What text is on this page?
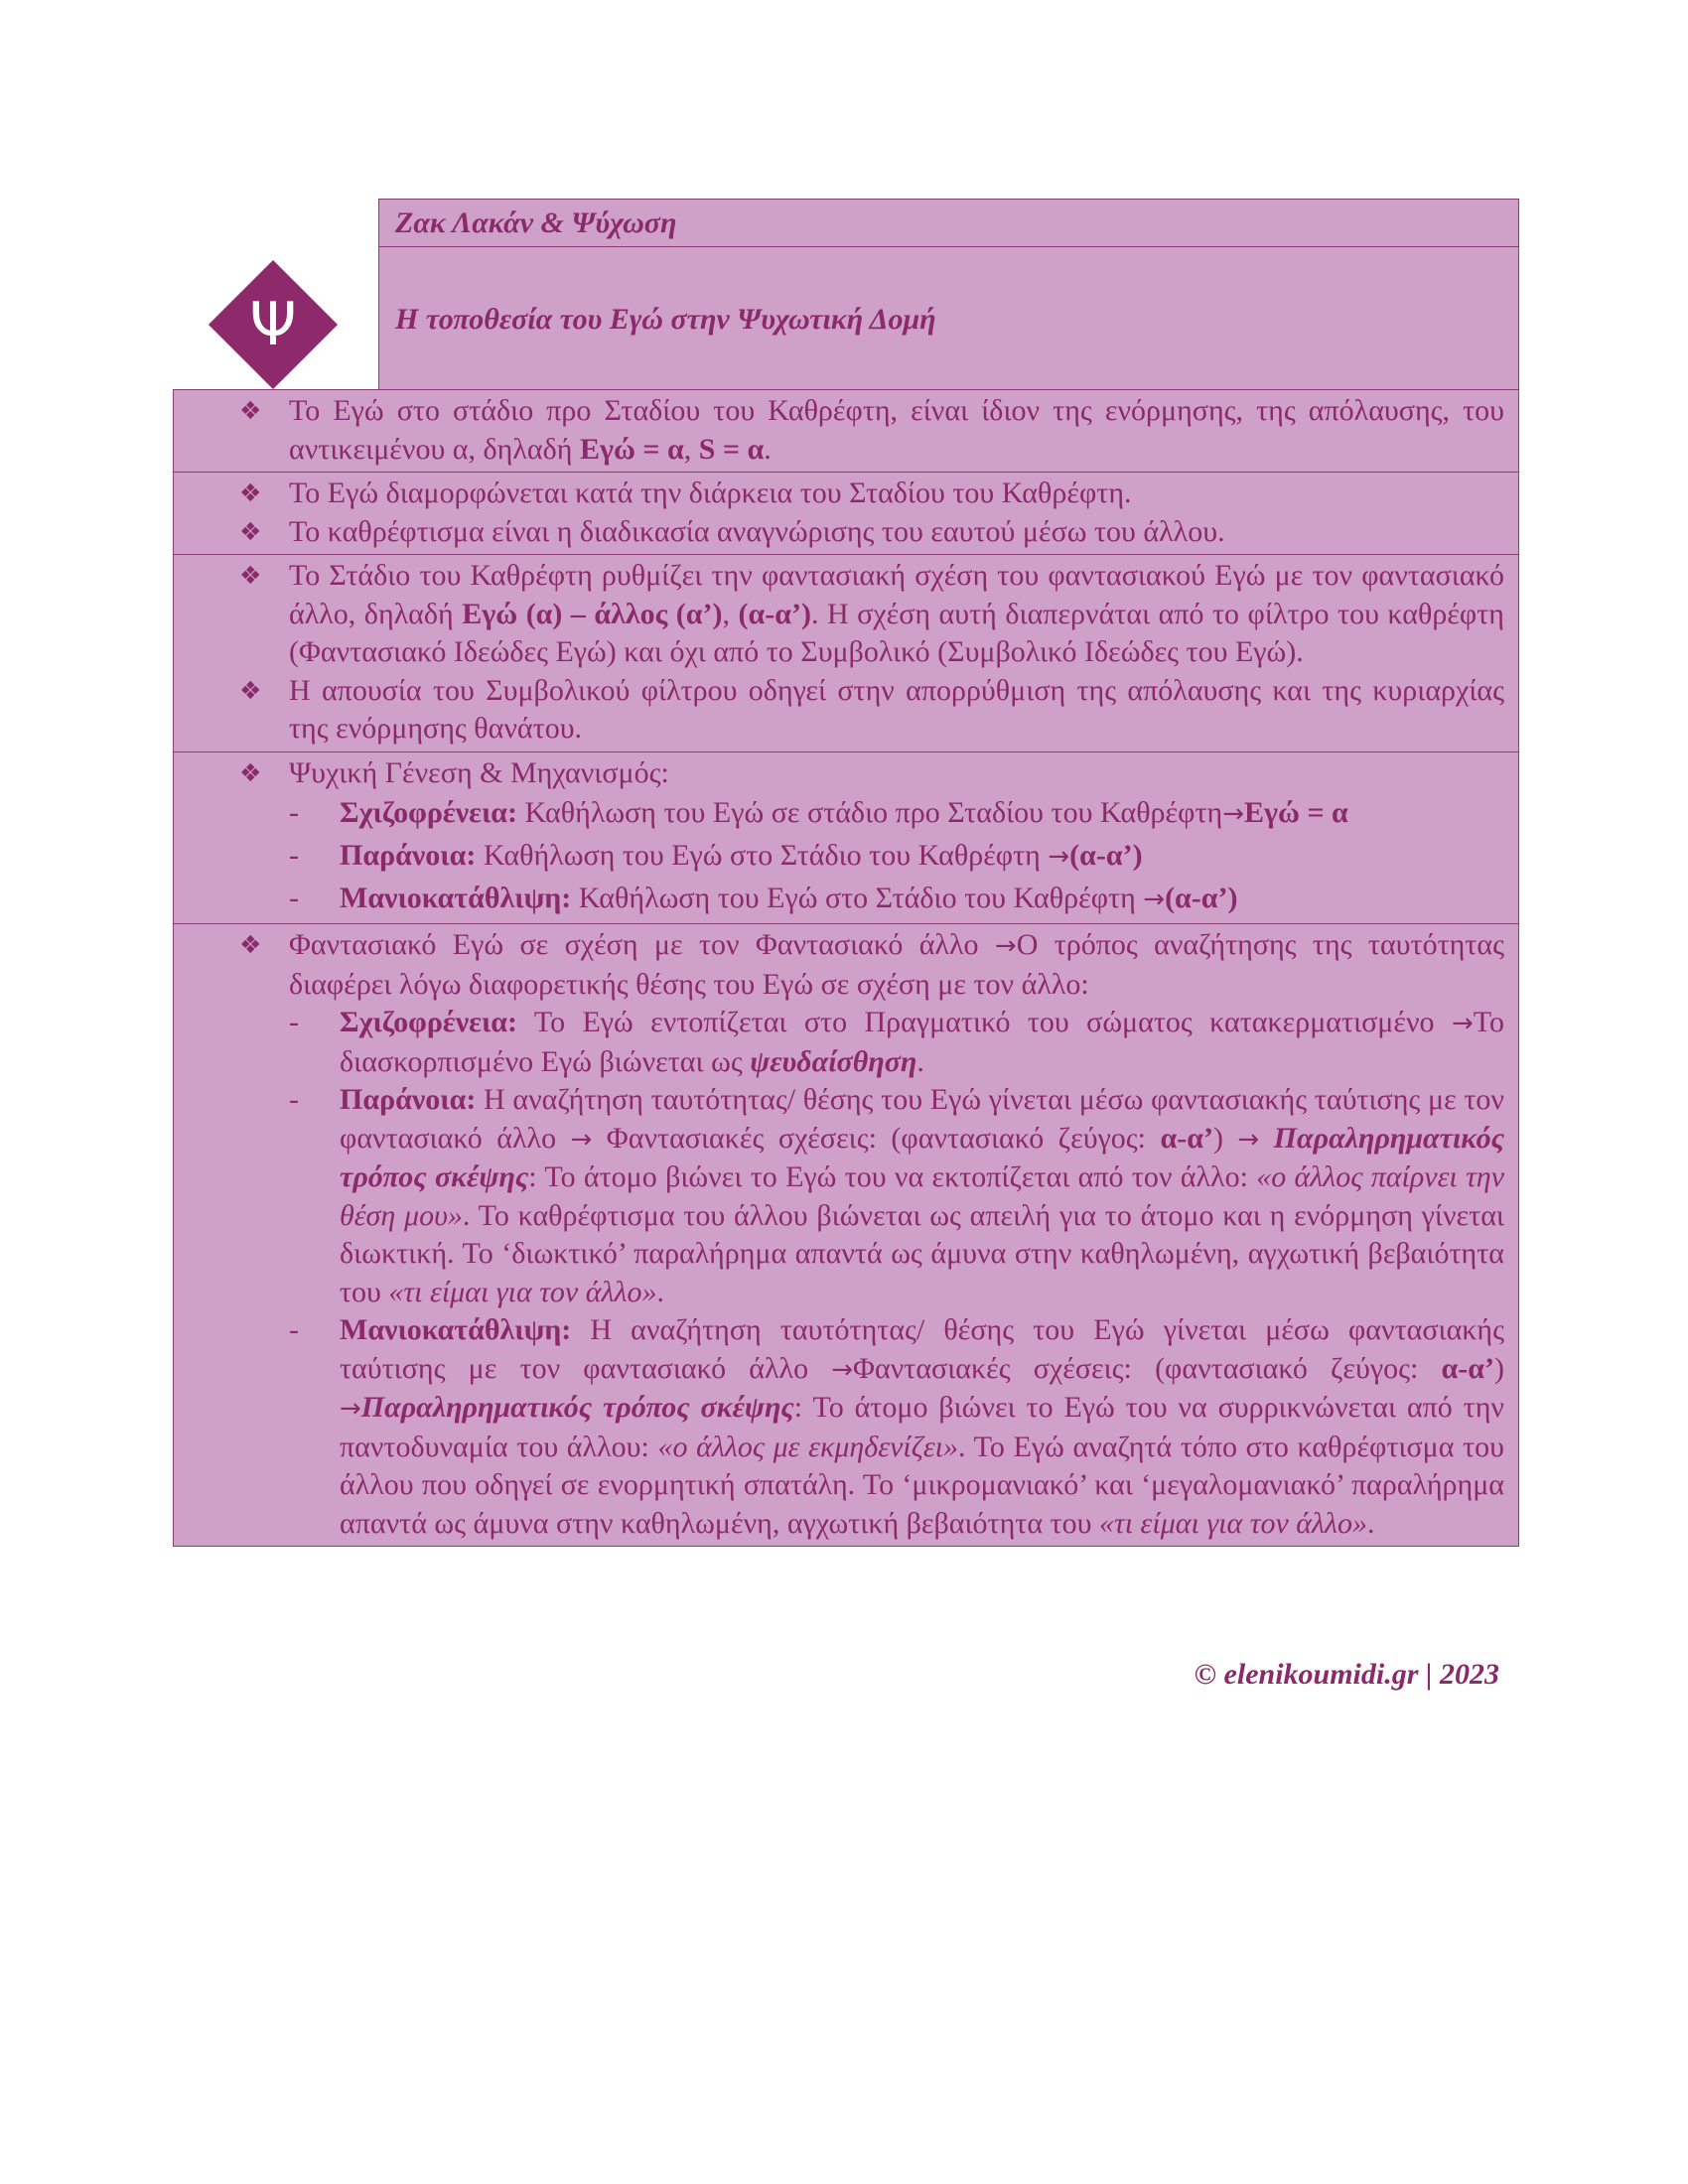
Ψ
Ζακ Λακάν & Ψύχωση
Η τοποθεσία του Εγώ στην Ψυχωτική Δομή
❖ Το Εγώ στο στάδιο προ Σταδίου του Καθρέφτη, είναι ίδιον της ενόρμησης, της απόλαυσης, του αντικειμένου α, δηλαδή Εγώ = α, S = α.
❖ Το Εγώ διαμορφώνεται κατά την διάρκεια του Σταδίου του Καθρέφτη.
❖ Το καθρέφτισμα είναι η διαδικασία αναγνώρισης του εαυτού μέσω του άλλου.
❖ Το Στάδιο του Καθρέφτη ρυθμίζει την φαντασιακή σχέση του φαντασιακού Εγώ με τον φαντασιακό άλλο, δηλαδή Εγώ (α) – άλλος (α’), (α-α’). Η σχέση αυτή διαπερνάται από το φίλτρο του καθρέφτη (Φαντασιακό Ιδεώδες Εγώ) και όχι από το Συμβολικό (Συμβολικό Ιδεώδες του Εγώ).
❖ Η απουσία του Συμβολικού φίλτρου οδηγεί στην απορρύθμιση της απόλαυσης και της κυριαρχίας της ενόρμησης θανάτου.
❖ Ψυχική Γένεση & Μηχανισμός:
- Σχιζοφρένεια: Καθήλωση του Εγώ σε στάδιο προ Σταδίου του Καθρέφτη→Εγώ = α
- Παράνοια: Καθήλωση του Εγώ στο Στάδιο του Καθρέφτη →(α-α’)
- Μανιοκατάθλιψη: Καθήλωση του Εγώ στο Στάδιο του Καθρέφτη →(α-α’)
❖ Φαντασιακό Εγώ σε σχέση με τον Φαντασιακό άλλο →Ο τρόπος αναζήτησης της ταυτότητας διαφέρει λόγω διαφορετικής θέσης του Εγώ σε σχέση με τον άλλο:
- Σχιζοφρένεια: Το Εγώ εντοπίζεται στο Πραγματικό του σώματος κατακερματισμένο →Το διασκορπισμένο Εγώ βιώνεται ως ψευδαίσθηση.
- Παράνοια: Η αναζήτηση ταυτότητας/ θέσης του Εγώ γίνεται μέσω φαντασιακής ταύτισης με τον φαντασιακό άλλο → Φαντασιακές σχέσεις: (φαντασιακό ζεύγος: α-α’) → Παραληρηματικός τρόπος σκέψης: Το άτομο βιώνει το Εγώ του να εκτοπίζεται από τον άλλο: «ο άλλος παίρνει την θέση μου». Το καθρέφτισμα του άλλου βιώνεται ως απειλή για το άτομο και η ενόρμηση γίνεται διωκτική. Το ‘διωκτικό’ παραλήρημα απαντά ως άμυνα στην καθηλωμένη, αγχωτική βεβαιότητα του «τι είμαι για τον άλλο».
- Μανιοκατάθλιψη: Η αναζήτηση ταυτότητας/ θέσης του Εγώ γίνεται μέσω φαντασιακής ταύτισης με τον φαντασιακό άλλο →Φαντασιακές σχέσεις: (φαντασιακό ζεύγος: α-α’) →Παραληρηματικός τρόπος σκέψης: Το άτομο βιώνει το Εγώ του να συρρικνώνεται από την παντοδυναμία του άλλου: «ο άλλος με εκμηδενίζει». Το Εγώ αναζητά τόπο στο καθρέφτισμα του άλλου που οδηγεί σε ενορμητική σπατάλη. Το ‘μικρομανιακό’ και ‘μεγαλομανιακό’ παραλήρημα απαντά ως άμυνα στην καθηλωμένη, αγχωτική βεβαιότητα του «τι είμαι για τον άλλο».
© elenikoumidi.gr | 2023
